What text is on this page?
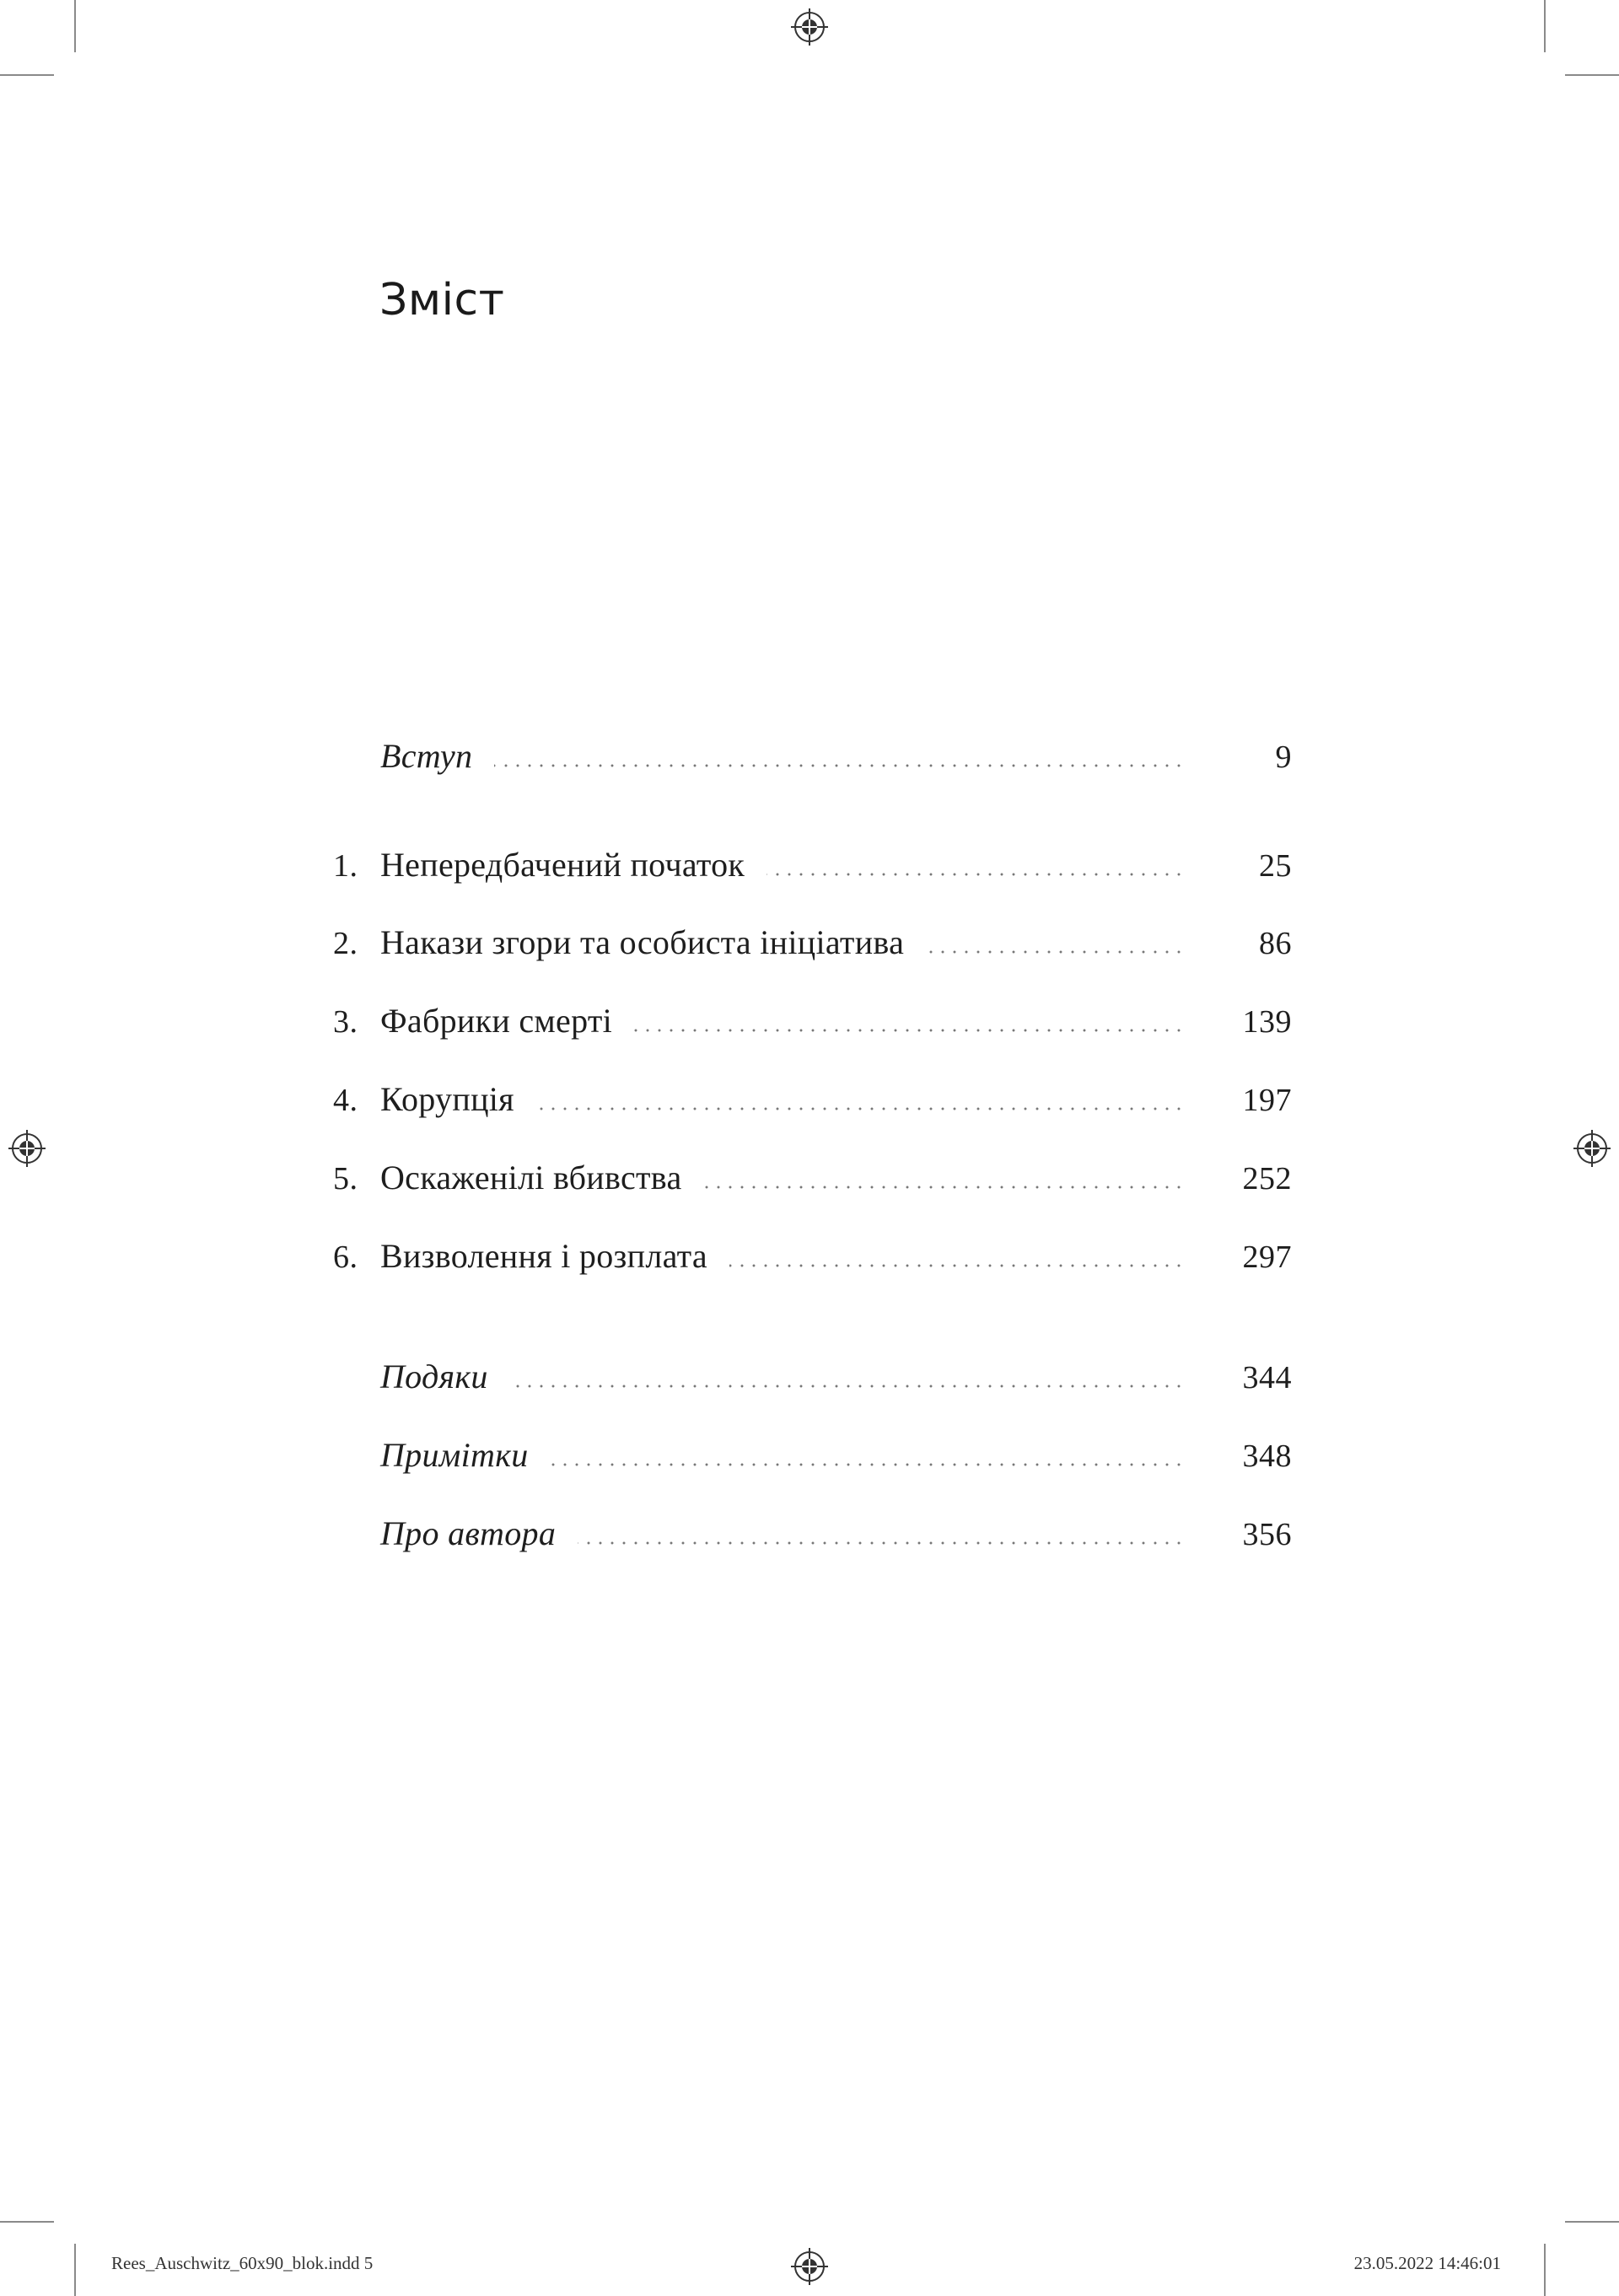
Зміст
Вступ	9
1. Непередбачений початок	25
2. Накази згори та особиста ініціатива	86
3. Фабрики смерті	139
4. Корупція	197
5. Оскаженілі вбивства	252
6. Визволення і розплата	297
Подяки	344
Примітки	348
Про автора	356
Rees_Auschwitz_60x90_blok.indd 5	23.05.2022 14:46:01
